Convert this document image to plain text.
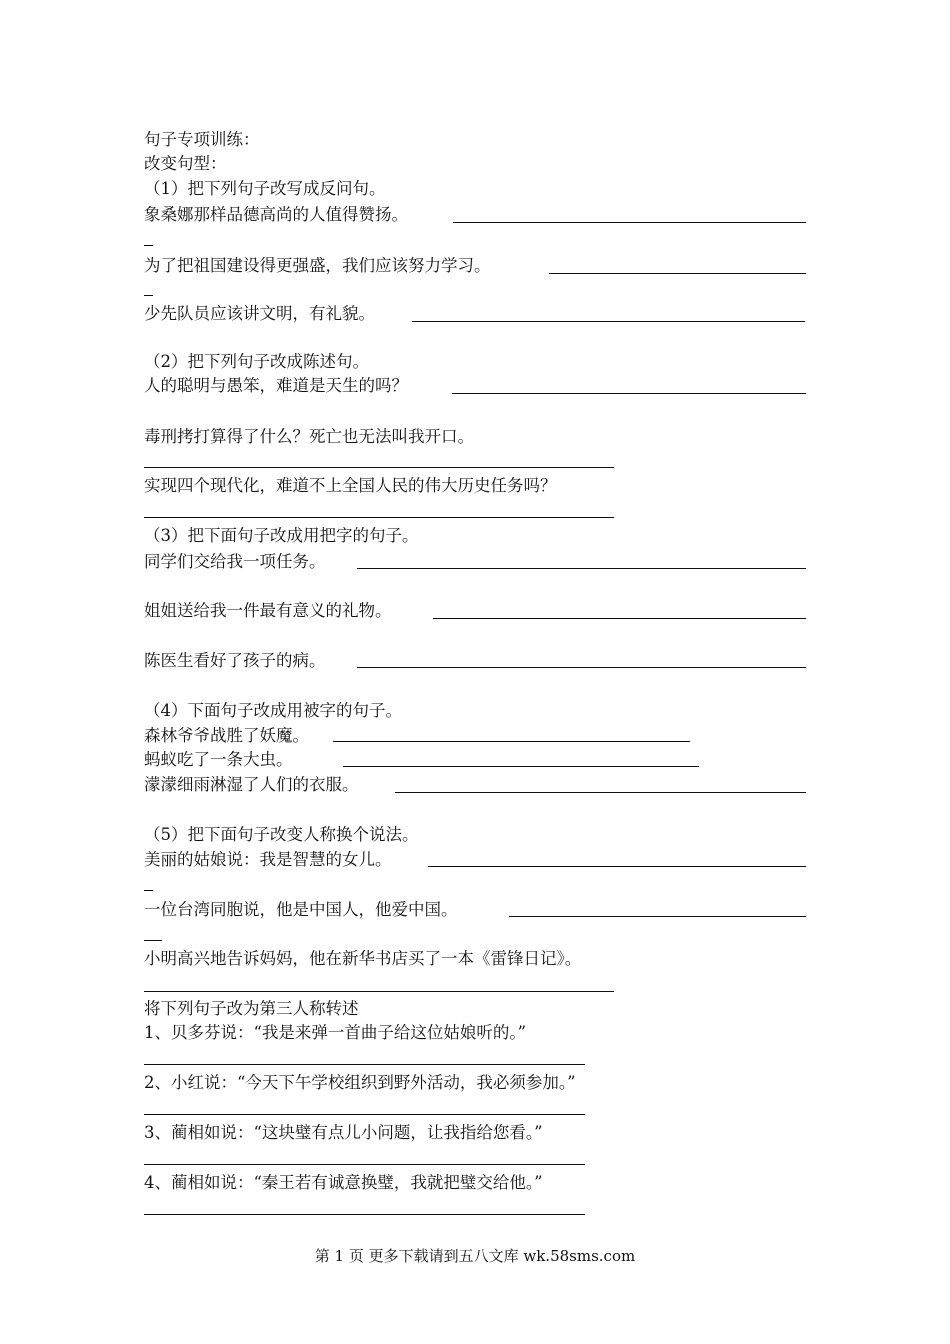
句子专项训练：
改变句型：
（1）把下列句子改写成反问句。
象桑娜那样品德高尚的人值得赞扬。
为了把祖国建设得更强盛，我们应该努力学习。
少先队员应该讲文明，有礼貌。
（2）把下列句子改成陈述句。
人的聪明与愚笨，难道是天生的吗？
毒刑拷打算得了什么？死亡也无法叫我开口。
实现四个现代化，难道不上全国人民的伟大历史任务吗？
（3）把下面句子改成用把字的句子。
同学们交给我一项任务。
姐姐送给我一件最有意义的礼物。
陈医生看好了孩子的病。
（4）下面句子改成用被字的句子。
森林爷爷战胜了妖魔。
蚂蚁吃了一条大虫。
濛濛细雨淋湿了人们的衣服。
（5）把下面句子改变人称换个说法。
美丽的姑娘说：我是智慧的女儿。
一位台湾同胞说，他是中国人，他爱中国。
小明高兴地告诉妈妈，他在新华书店买了一本《雷锋日记》。
将下列句子改为第三人称转述
1、贝多芬说：“我是来弹一首曲子给这位姑娘听的。”
2、小红说：“今天下午学校组织到野外活动，我必须参加。”
3、蔺相如说：“这块璧有点儿小问题，让我指给您看。”
4、蔺相如说：“秦王若有诚意换璧，我就把璧交给他。”
第 1 页 更多下载请到五八文库 wk.58sms.com
